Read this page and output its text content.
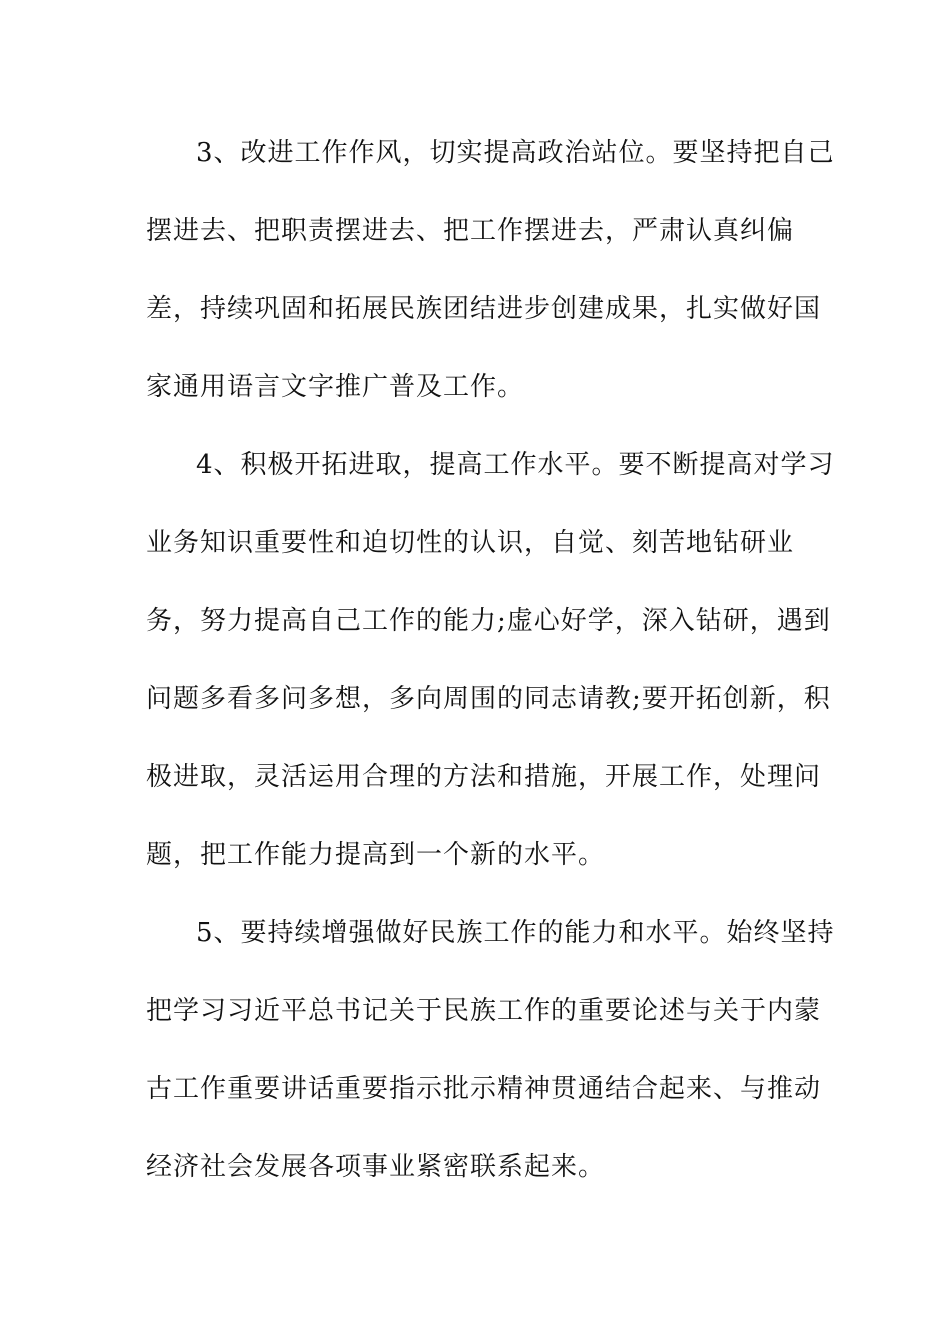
3、改进工作作风，切实提高政治站位。要坚持把自己
摆进去、把职责摆进去、把工作摆进去，严肃认真纠偏
差，持续巩固和拓展民族团结进步创建成果，扎实做好国
家通用语言文字推广普及工作。
4、积极开拓进取，提高工作水平。要不断提高对学习
业务知识重要性和迫切性的认识，自觉、刻苦地钻研业
务，努力提高自己工作的能力;虚心好学，深入钻研，遇到
问题多看多问多想，多向周围的同志请教;要开拓创新，积
极进取，灵活运用合理的方法和措施，开展工作，处理问
题，把工作能力提高到一个新的水平。
5、要持续增强做好民族工作的能力和水平。始终坚持
把学习习近平总书记关于民族工作的重要论述与关于内蒙
古工作重要讲话重要指示批示精神贯通结合起来、与推动
经济社会发展各项事业紧密联系起来。
